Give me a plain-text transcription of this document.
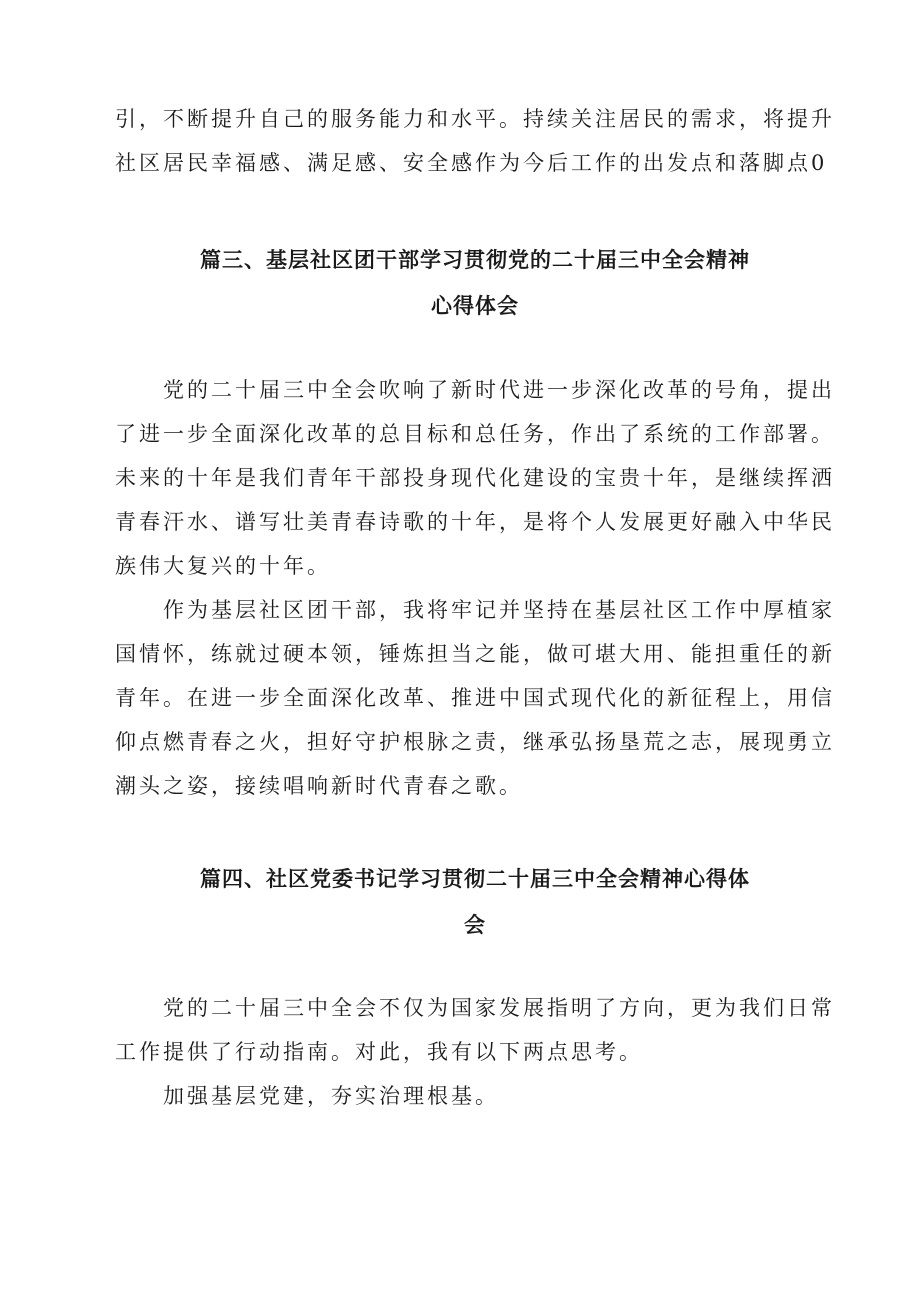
引，不断提升自己的服务能力和水平。持续关注居民的需求，将提升社区居民幸福感、满足感、安全感作为今后工作的出发点和落脚点0

篇三、基层社区团干部学习贯彻党的二十届三中全会精神
心得体会

党的二十届三中全会吹响了新时代进一步深化改革的号角，提出了进一步全面深化改革的总目标和总任务，作出了系统的工作部署。未来的十年是我们青年干部投身现代化建设的宝贵十年，是继续挥洒青春汗水、谱写壮美青春诗歌的十年，是将个人发展更好融入中华民族伟大复兴的十年。

作为基层社区团干部，我将牢记并坚持在基层社区工作中厚植家国情怀，练就过硬本领，锤炼担当之能，做可堪大用、能担重任的新青年。在进一步全面深化改革、推进中国式现代化的新征程上，用信仰点燃青春之火，担好守护根脉之责，继承弘扬垦荒之志，展现勇立潮头之姿，接续唱响新时代青春之歌。

篇四、社区党委书记学习贯彻二十届三中全会精神心得体
会

党的二十届三中全会不仅为国家发展指明了方向，更为我们日常工作提供了行动指南。对此，我有以下两点思考。

加强基层党建，夯实治理根基。
